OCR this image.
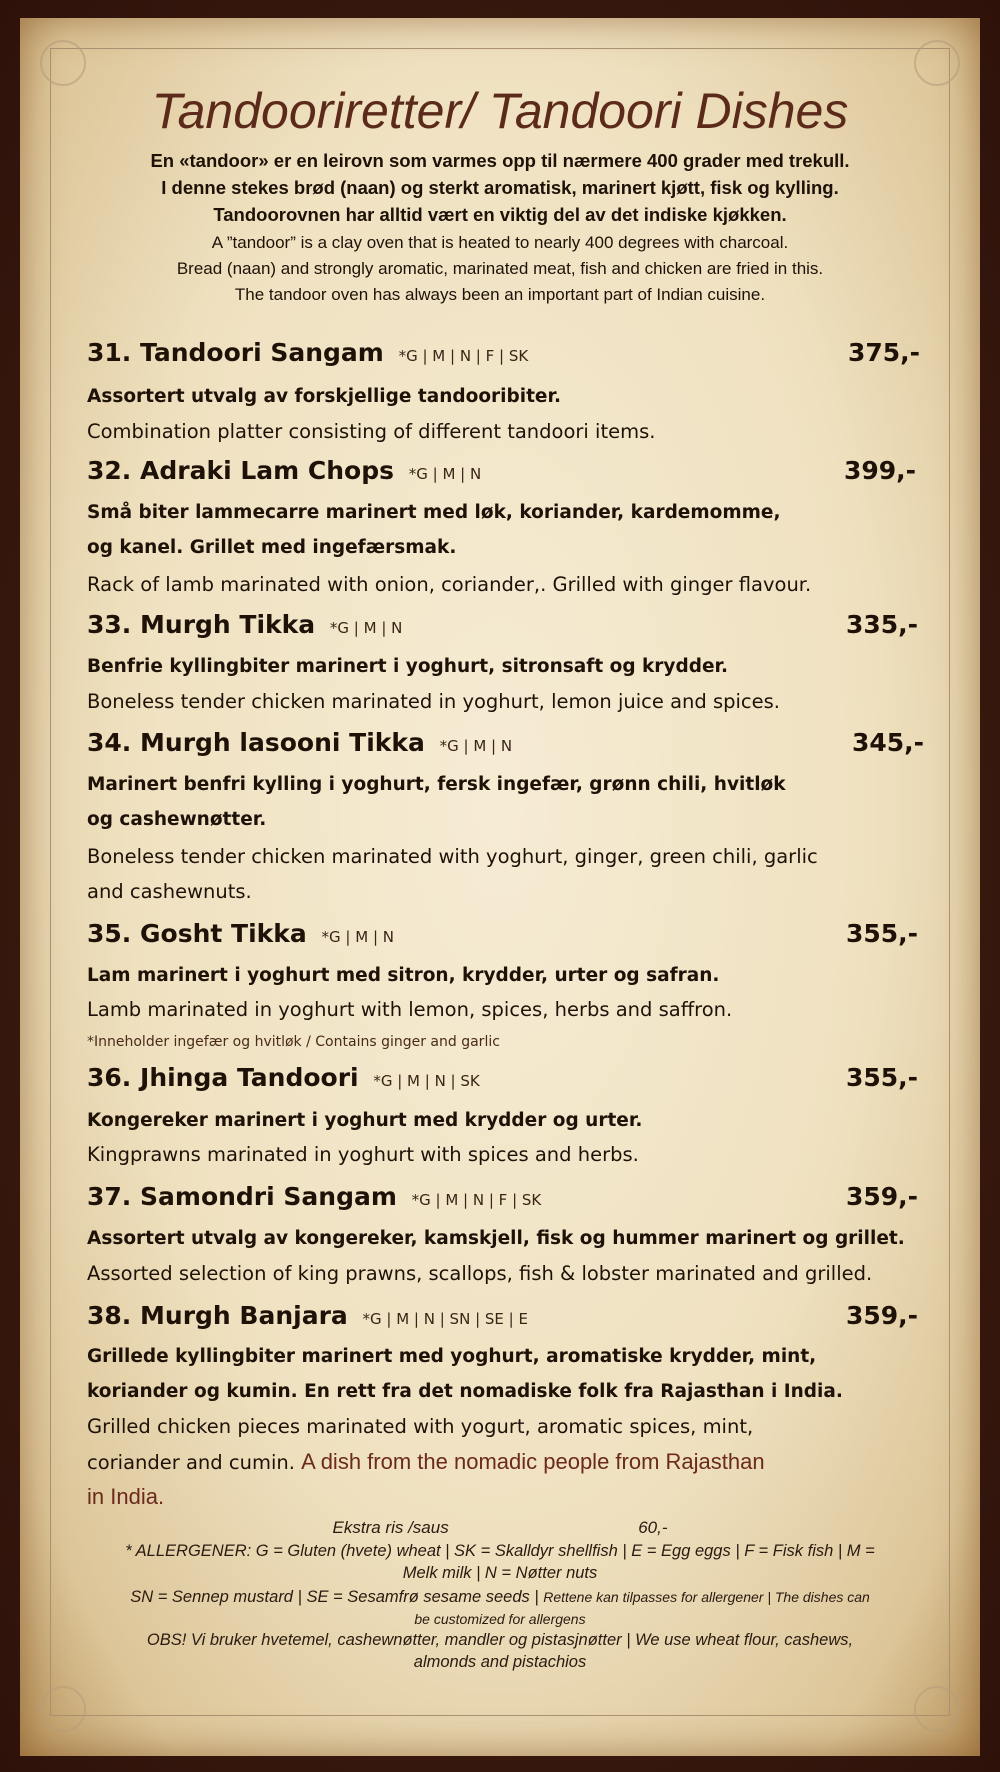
Tandooriretter/ Tandoori Dishes
En «tandoor» er en leirovn som varmes opp til nærmere 400 grader med trekull.
I denne stekes brød (naan) og sterkt aromatisk, marinert kjøtt, fisk og kylling.
Tandoorovnen har alltid vært en viktig del av det indiske kjøkken.
A ”tandoor” is a clay oven that is heated to nearly 400 degrees with charcoal.
Bread (naan) and strongly aromatic, marinated meat, fish and chicken are fried in this.
The tandoor oven has always been an important part of Indian cuisine.
31. Tandoori Sangam *G | M | N | F | SK	375,-
Assortert utvalg av forskjellige tandooribiter.
Combination platter consisting of different tandoori items.
32. Adraki Lam Chops *G | M | N	399,-
Små biter lammecarre marinert med løk, koriander, kardemomme,
og kanel. Grillet med ingefærsmak.
Rack of lamb marinated with onion, coriander,. Grilled with ginger flavour.
33. Murgh Tikka *G | M | N	335,-
Benfrie kyllingbiter marinert i yoghurt, sitronsaft og krydder.
Boneless tender chicken marinated in yoghurt, lemon juice and spices.
34. Murgh lasooni Tikka *G | M | N	345,-
Marinert benfri kylling i yoghurt, fersk ingefær, grønn chili, hvitløk
og cashewnøtter.
Boneless tender chicken marinated with yoghurt, ginger, green chili, garlic
and cashewnuts.
35. Gosht Tikka *G | M | N	355,-
Lam marinert i yoghurt med sitron, krydder, urter og safran.
Lamb marinated in yoghurt with lemon, spices, herbs and saffron.
*Inneholder ingefær og hvitløk / Contains ginger and garlic
36. Jhinga Tandoori *G | M | N | SK	355,-
Kongereker marinert i yoghurt med krydder og urter.
Kingprawns marinated in yoghurt with spices and herbs.
37. Samondri Sangam *G | M | N | F | SK	359,-
Assortert utvalg av kongereker, kamskjell, fisk og hummer marinert og grillet.
Assorted selection of king prawns, scallops, fish & lobster marinated and grilled.
38. Murgh Banjara *G | M | N | SN | SE | E	359,-
Grillede kyllingbiter marinert med yoghurt, aromatiske krydder, mint,
koriander og kumin. En rett fra det nomadiske folk fra Rajasthan i India.
Grilled chicken pieces marinated with yogurt, aromatic spices, mint,
coriander and cumin. A dish from the nomadic people from Rajasthan
in India.
Ekstra ris /saus	60,-
* ALLERGENER: G = Gluten (hvete) wheat | SK = Skalldyr shellfish | E = Egg eggs | F = Fisk fish | M =
Melk milk | N = Nøtter nuts
SN = Sennep mustard | SE = Sesamfrø sesame seeds | Rettene kan tilpasses for allergener | The dishes can
be customized for allergens
OBS! Vi bruker hvetemel, cashewnøtter, mandler og pistasjnøtter | We use wheat flour, cashews,
almonds and pistachios
